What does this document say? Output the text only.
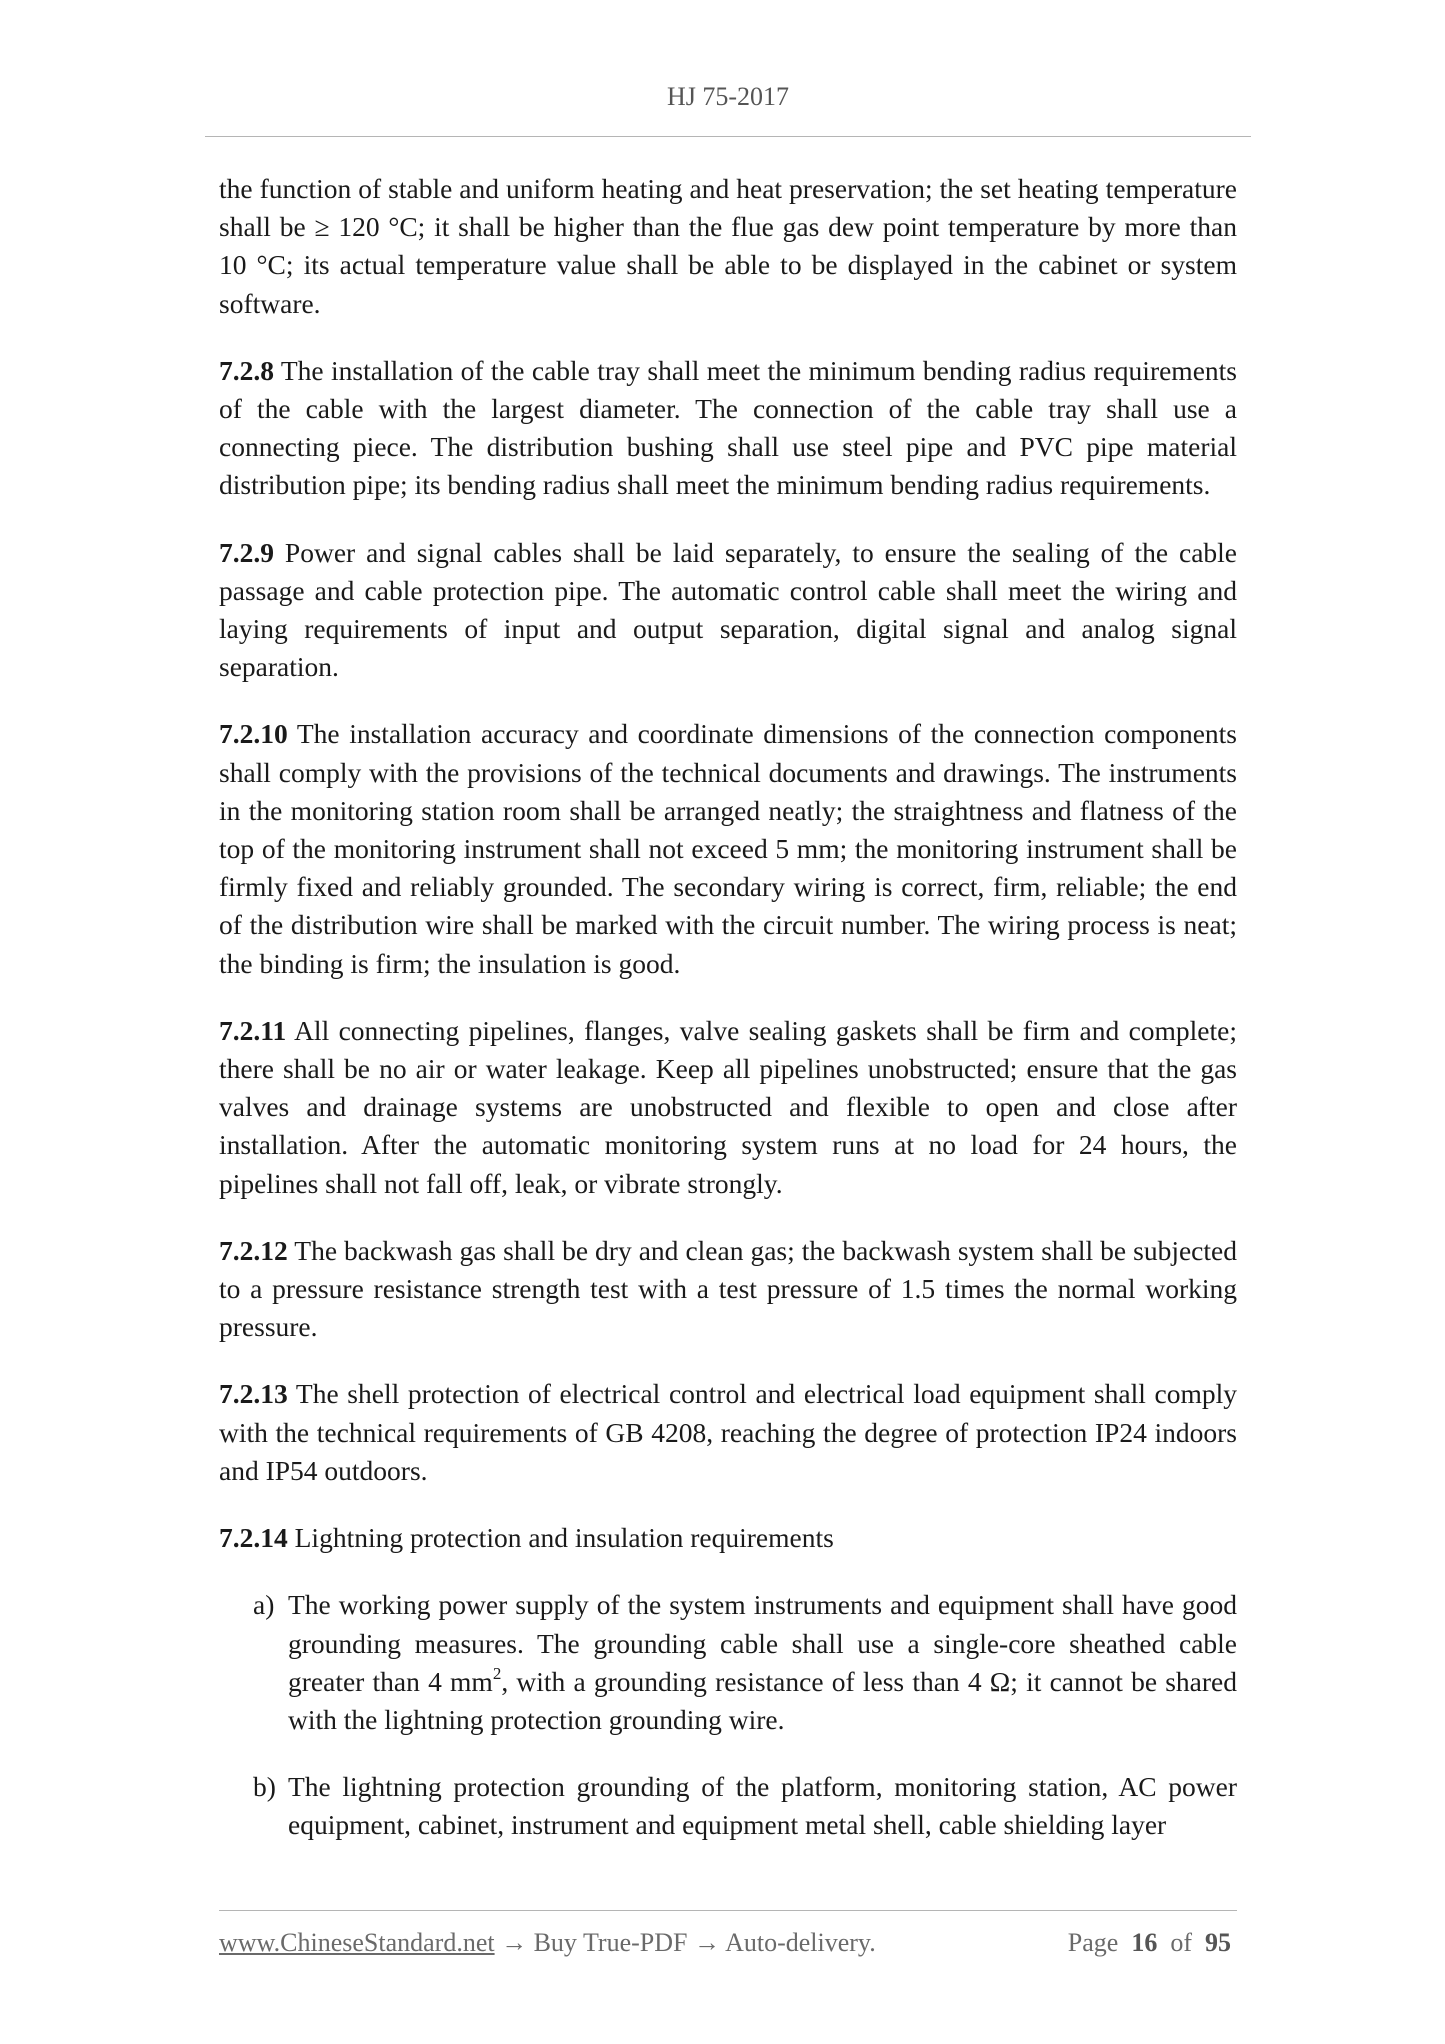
HJ 75-2017

the function of stable and uniform heating and heat preservation; the set heating temperature shall be ≥ 120 °C; it shall be higher than the flue gas dew point temperature by more than 10 °C; its actual temperature value shall be able to be displayed in the cabinet or system software.

7.2.8 The installation of the cable tray shall meet the minimum bending radius requirements of the cable with the largest diameter. The connection of the cable tray shall use a connecting piece. The distribution bushing shall use steel pipe and PVC pipe material distribution pipe; its bending radius shall meet the minimum bending radius requirements.

7.2.9 Power and signal cables shall be laid separately, to ensure the sealing of the cable passage and cable protection pipe. The automatic control cable shall meet the wiring and laying requirements of input and output separation, digital signal and analog signal separation.

7.2.10 The installation accuracy and coordinate dimensions of the connection components shall comply with the provisions of the technical documents and drawings. The instruments in the monitoring station room shall be arranged neatly; the straightness and flatness of the top of the monitoring instrument shall not exceed 5 mm; the monitoring instrument shall be firmly fixed and reliably grounded. The secondary wiring is correct, firm, reliable; the end of the distribution wire shall be marked with the circuit number. The wiring process is neat; the binding is firm; the insulation is good.

7.2.11 All connecting pipelines, flanges, valve sealing gaskets shall be firm and complete; there shall be no air or water leakage. Keep all pipelines unobstructed; ensure that the gas valves and drainage systems are unobstructed and flexible to open and close after installation. After the automatic monitoring system runs at no load for 24 hours, the pipelines shall not fall off, leak, or vibrate strongly.

7.2.12 The backwash gas shall be dry and clean gas; the backwash system shall be subjected to a pressure resistance strength test with a test pressure of 1.5 times the normal working pressure.

7.2.13 The shell protection of electrical control and electrical load equipment shall comply with the technical requirements of GB 4208, reaching the degree of protection IP24 indoors and IP54 outdoors.

7.2.14 Lightning protection and insulation requirements

a) The working power supply of the system instruments and equipment shall have good grounding measures. The grounding cable shall use a single-core sheathed cable greater than 4 $mm^2$, with a grounding resistance of less than 4 Ω; it cannot be shared with the lightning protection grounding wire.
b) The lightning protection grounding of the platform, monitoring station, AC power equipment, cabinet, instrument and equipment metal shell, cable shielding layer
www.ChineseStandard.net → Buy True-PDF → Auto-delivery.	Page 16 of 95
